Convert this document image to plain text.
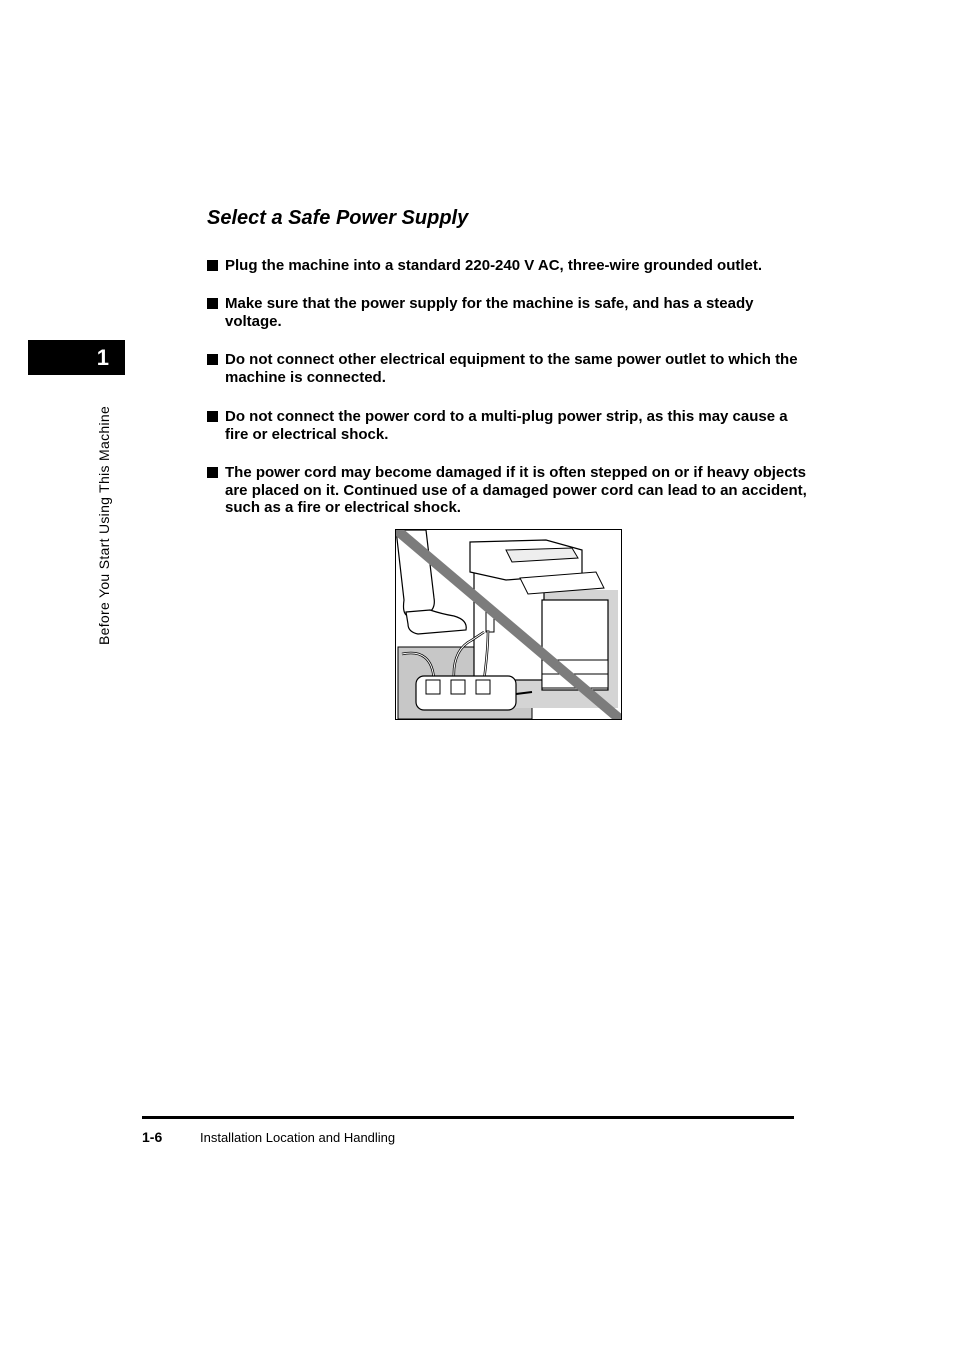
1
Before You Start Using This Machine
Select a Safe Power Supply
Plug the machine into a standard 220-240 V AC, three-wire grounded outlet.
Make sure that the power supply for the machine is safe, and has a steady voltage.
Do not connect other electrical equipment to the same power outlet to which the machine is connected.
Do not connect the power cord to a multi-plug power strip, as this may cause a fire or electrical shock.
The power cord may become damaged if it is often stepped on or if heavy objects are placed on it. Continued use of a damaged power cord can lead to an accident, such as a fire or electrical shock.
1-6	Installation Location and Handling
